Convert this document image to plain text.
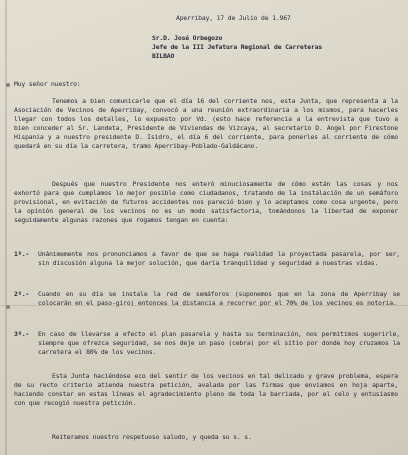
Aperribay, 17 de Julio de 1.967
Sr.D. José Orbegozo
Jefe de la III Jefatura Regional de Carreteras
BILBAO
Muy señor nuestro:
Tenemos a bien comunicarle que el día 16 del corriente nos, esta Junta, que representa a la Asociación de Vecinos de Aperribay, convocó a una reunión extraordinaria a los mismos, para hacerles llegar con todos los detalles, lo expuesto por Vd. (esto hace referencia a la entrevista que tuvo a bien conceder al Sr. Landeta, Presidente de Viviendas de Vizcaya, al secretario D. Angel por Firestone Hispania y a nuestro presidente D. Isidro, el día 6 del corriente, para ponerles al corriente de cómo quedará en su día la carretera, tramo Aperribay-Poblado-Galdácano.
Después que nuestro Presidente nos enteró minuciosamente de cómo están las cosas y nos exhortó para que cumplamos lo mejor posible como ciudadanos, tratando de la instalación de un semáforo provisional, en evitación de futuros accidentes nos pareció bien y lo aceptamos como cosa urgente, pero la opinión general de los vecinos no es un modo satisfactoria, tomándonos la libertad de exponer seguidamente algunas razones que rogamos tengan en cuenta:
1º.- Unánimemente nos pronunciamos a favor de que se haga realidad la proyectada pasarela, por ser, sin discusión alguna la mejor solución, que daría tranquilidad y seguridad a nuestras vidas.
2º.- Cuando en su día se instale la red de semáforos (suponemos que en la zona de Aperribay se colocarán en el paso-giro) entonces la distancia a recorrer por el 70% de los vecinos es notoria.
3º.- En caso de llevarse a efecto el plan pasarela y hasta su terminación, nos permitimos sugerirle, siempre que ofrezca seguridad, se nos deje un paso (cebra) por el sitio por donde hoy cruzamos la carretera el 80% de los vecinos.
Esta Junta haciéndose eco del sentir de los vecinos en tal delicado y grave problema, espera de su recto criterio atienda nuestra petición, avalada por las firmas que enviamos en hoja aparte, haciendo constar en estas líneas el agradecimiento pleno de toda la barriada, por el celo y entusiasmo con que recogió nuestra petición.
Reiteramos nuestro respetuoso saludo, y queda su s. s.
